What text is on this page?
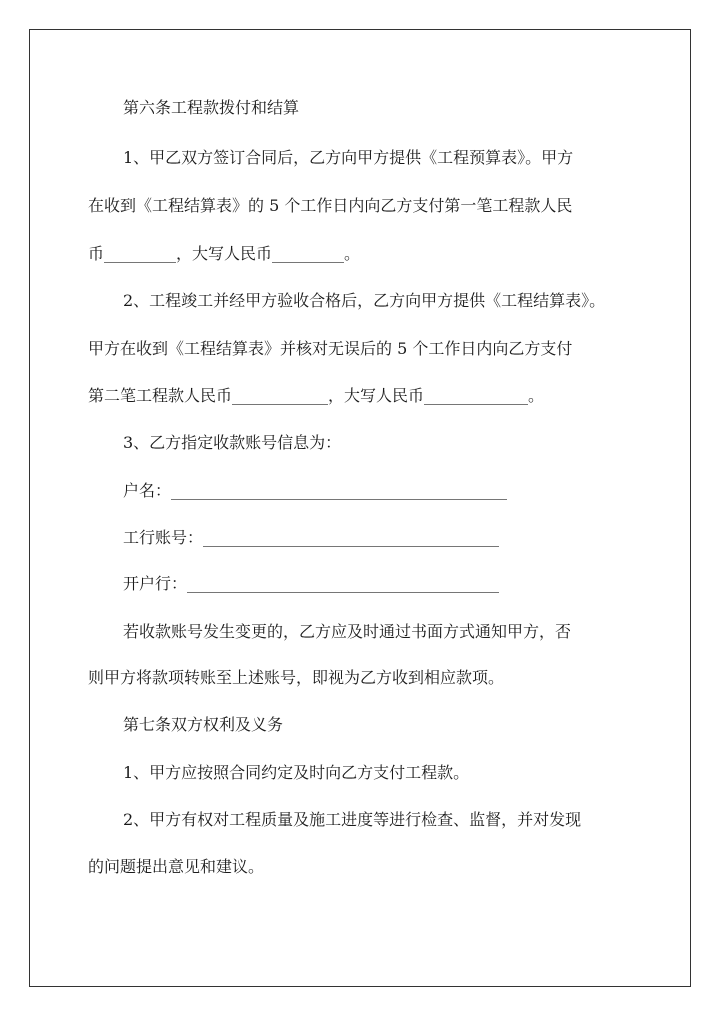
第六条工程款拨付和结算

1、甲乙双方签订合同后，乙方向甲方提供《工程预算表》。甲方

在收到《工程结算表》的 5 个工作日内向乙方支付第一笔工程款人民

币_________，大写人民币_________。

2、工程竣工并经甲方验收合格后，乙方向甲方提供《工程结算表》。

甲方在收到《工程结算表》并核对无误后的 5 个工作日内向乙方支付

第二笔工程款人民币____________，大写人民币_____________。

3、乙方指定收款账号信息为：

户名：__________________________________________

工行账号：_____________________________________

开户行：_______________________________________

若收款账号发生变更的，乙方应及时通过书面方式通知甲方，否

则甲方将款项转账至上述账号，即视为乙方收到相应款项。

第七条双方权利及义务

1、甲方应按照合同约定及时向乙方支付工程款。

2、甲方有权对工程质量及施工进度等进行检查、监督，并对发现

的问题提出意见和建议。
